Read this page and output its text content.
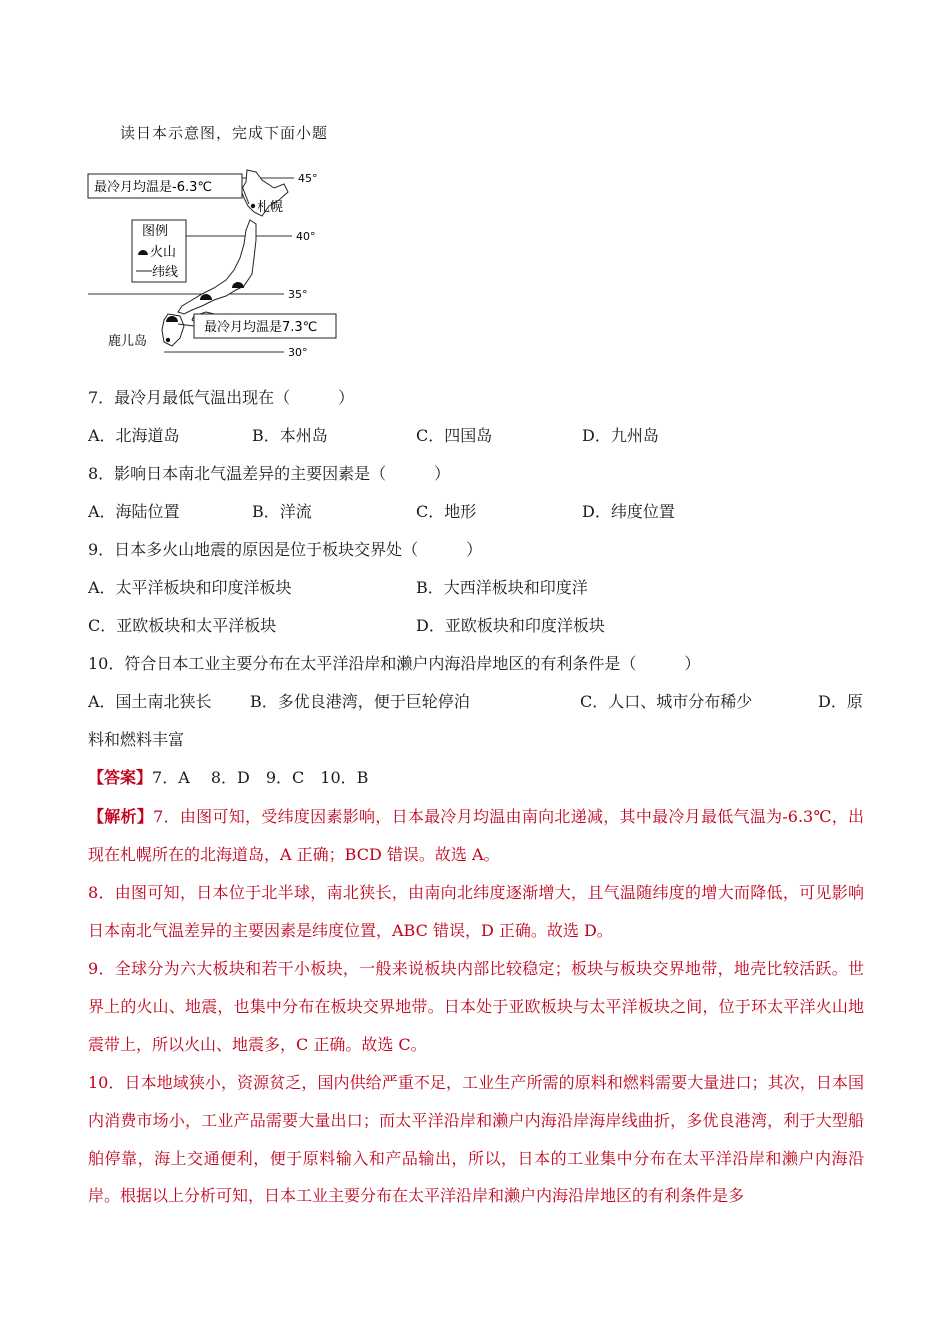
读日本示意图，完成下面小题
45°
40°
35°
30°
札幌
鹿儿岛
最冷月均温是-6.3℃
图例
火山
纬线
最冷月均温是7.3℃
7．最冷月最低气温出现在（　　　）
A．北海道岛	B．本州岛	C．四国岛	D．九州岛
8．影响日本南北气温差异的主要因素是（　　　）
A．海陆位置	B．洋流	C．地形	D．纬度位置
9．日本多火山地震的原因是位于板块交界处（　　　）
A．太平洋板块和印度洋板块	B．大西洋板块和印度洋
C．亚欧板块和太平洋板块	D．亚欧板块和印度洋板块
10．符合日本工业主要分布在太平洋沿岸和濑户内海沿岸地区的有利条件是（　　　）
A．国土南北狭长 B．多优良港湾，便于巨轮停泊	C．人口、城市分布稀少	D．原
料和燃料丰富
【答案】7．A　 8．D　9．C　10．B
【解析】7．由图可知，受纬度因素影响，日本最冷月均温由南向北递减，其中最冷月最低气温为-6.3℃，出现在札幌所在的北海道岛，A 正确；BCD 错误。故选 A。
8．由图可知，日本位于北半球，南北狭长，由南向北纬度逐渐增大，且气温随纬度的增大而降低，可见影响日本南北气温差异的主要因素是纬度位置，ABC 错误，D 正确。故选 D。
9．全球分为六大板块和若干小板块，一般来说板块内部比较稳定；板块与板块交界地带，地壳比较活跃。世界上的火山、地震，也集中分布在板块交界地带。日本处于亚欧板块与太平洋板块之间，位于环太平洋火山地震带上，所以火山、地震多，C 正确。故选 C。
10．日本地域狭小，资源贫乏，国内供给严重不足，工业生产所需的原料和燃料需要大量进口；其次，日本国内消费市场小，工业产品需要大量出口；而太平洋沿岸和濑户内海沿岸海岸线曲折，多优良港湾，利于大型船舶停靠，海上交通便利，便于原料输入和产品输出，所以，日本的工业集中分布在太平洋沿岸和濑户内海沿岸。根据以上分析可知，日本工业主要分布在太平洋沿岸和濑户内海沿岸地区的有利条件是多
